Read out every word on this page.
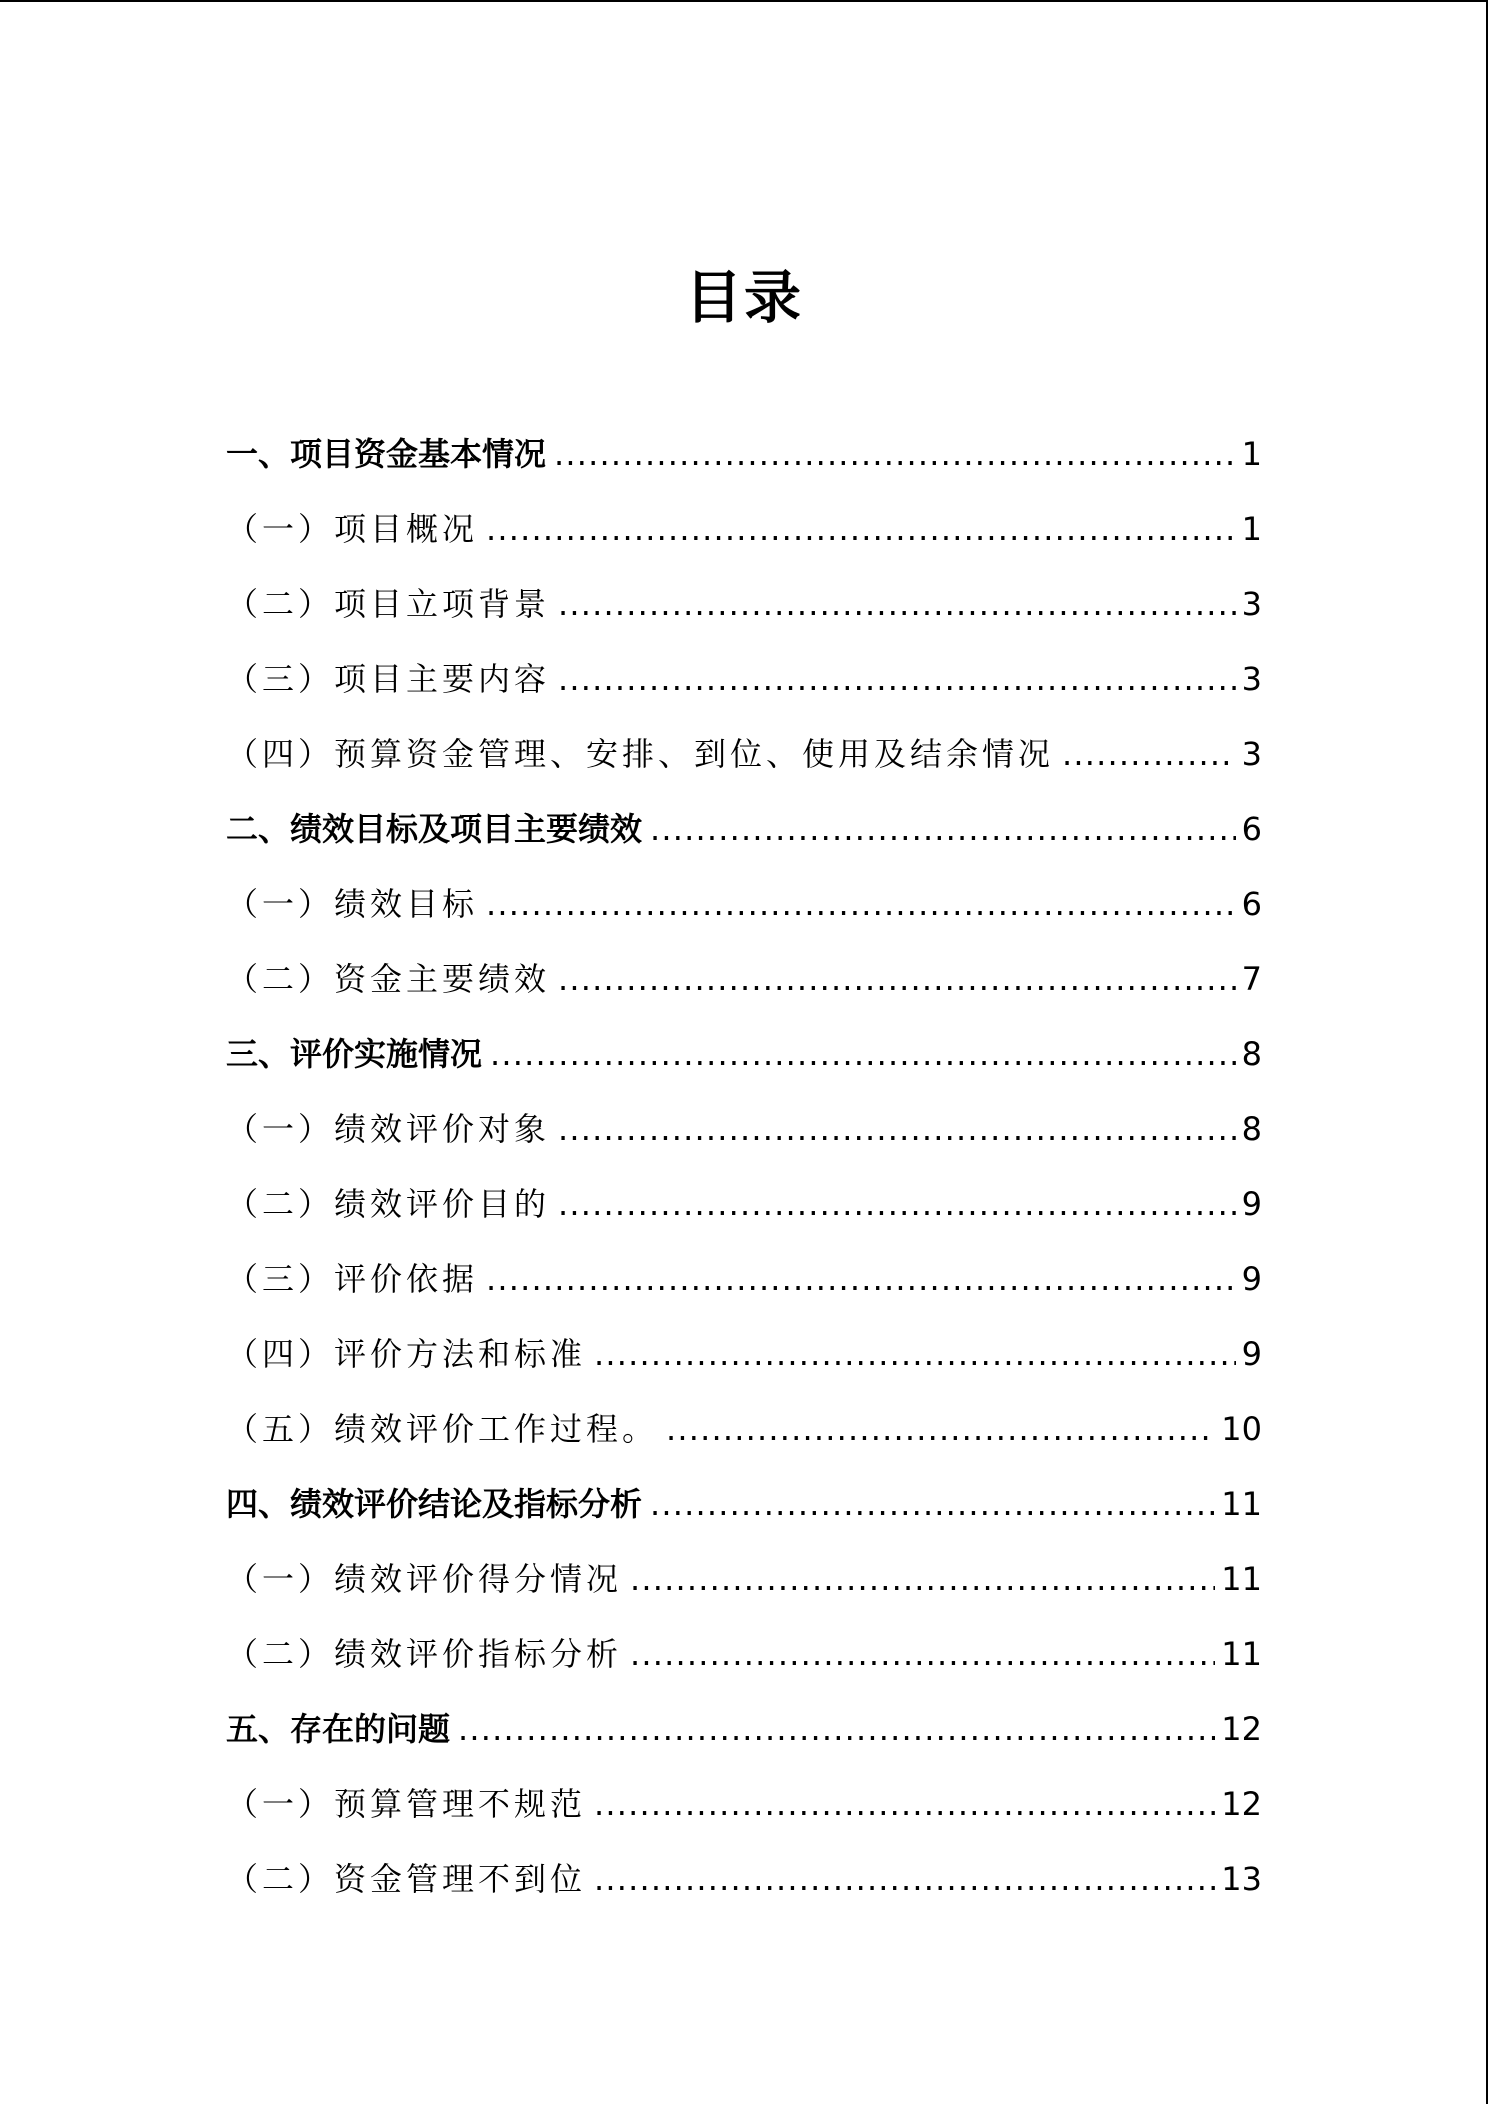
目录
一、项目资金基本情况 .....	1
（一）项目概况 .....	1
（二）项目立项背景 .....	3
（三）项目主要内容 .....	3
（四）预算资金管理、安排、到位、使用及结余情况 .....	3
二、绩效目标及项目主要绩效 .....	6
（一）绩效目标 .....	6
（二）资金主要绩效 .....	7
三、评价实施情况 .....	8
（一）绩效评价对象 .....	8
（二）绩效评价目的 .....	9
（三）评价依据 .....	9
（四）评价方法和标准 .....	9
（五）绩效评价工作过程。 .....	10
四、绩效评价结论及指标分析 .....	11
（一）绩效评价得分情况 .....	11
（二）绩效评价指标分析 .....	11
五、存在的问题 .....	12
（一）预算管理不规范 .....	12
（二）资金管理不到位 .....	13
